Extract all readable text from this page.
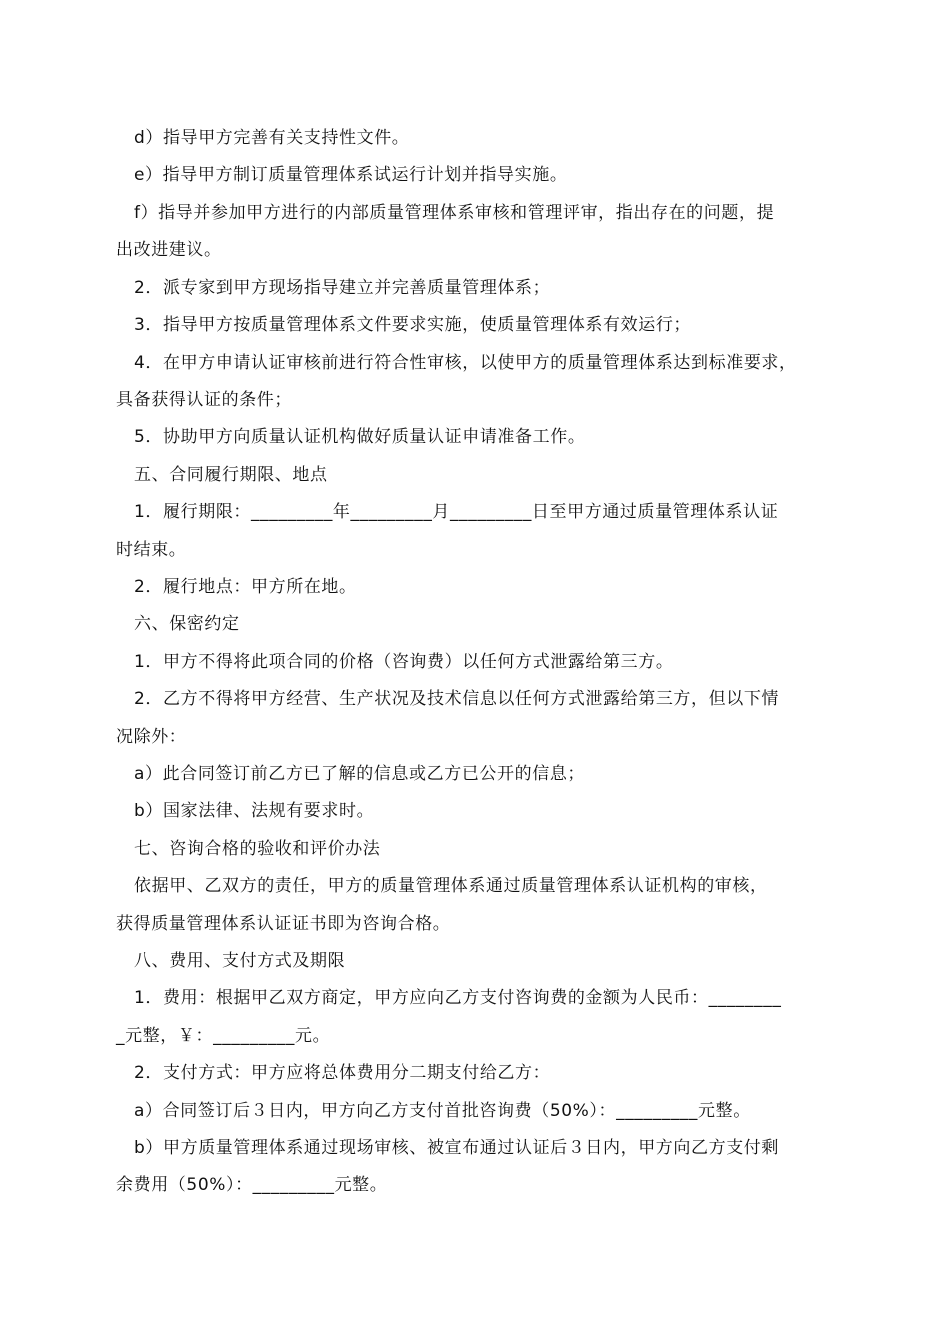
d）指导甲方完善有关支持性文件。
e）指导甲方制订质量管理体系试运行计划并指导实施。
f）指导并参加甲方进行的内部质量管理体系审核和管理评审，指出存在的问题，提
出改进建议。
2．派专家到甲方现场指导建立并完善质量管理体系；
3．指导甲方按质量管理体系文件要求实施，使质量管理体系有效运行；
4．在甲方申请认证审核前进行符合性审核，以使甲方的质量管理体系达到标准要求，
具备获得认证的条件；
5．协助甲方向质量认证机构做好质量认证申请准备工作。
五、合同履行期限、地点
1．履行期限：_________年_________月_________日至甲方通过质量管理体系认证
时结束。
2．履行地点：甲方所在地。
六、保密约定
1．甲方不得将此项合同的价格（咨询费）以任何方式泄露给第三方。
2．乙方不得将甲方经营、生产状况及技术信息以任何方式泄露给第三方，但以下情
况除外：
a）此合同签订前乙方已了解的信息或乙方已公开的信息；
b）国家法律、法规有要求时。
七、咨询合格的验收和评价办法
依据甲、乙双方的责任，甲方的质量管理体系通过质量管理体系认证机构的审核，
获得质量管理体系认证证书即为咨询合格。
八、费用、支付方式及期限
1．费用：根据甲乙双方商定，甲方应向乙方支付咨询费的金额为人民币：________
_元整，￥：_________元。
2．支付方式：甲方应将总体费用分二期支付给乙方：
a）合同签订后３日内，甲方向乙方支付首批咨询费（50%）：_________元整。
b）甲方质量管理体系通过现场审核、被宣布通过认证后３日内，甲方向乙方支付剩
余费用（50%）：_________元整。
